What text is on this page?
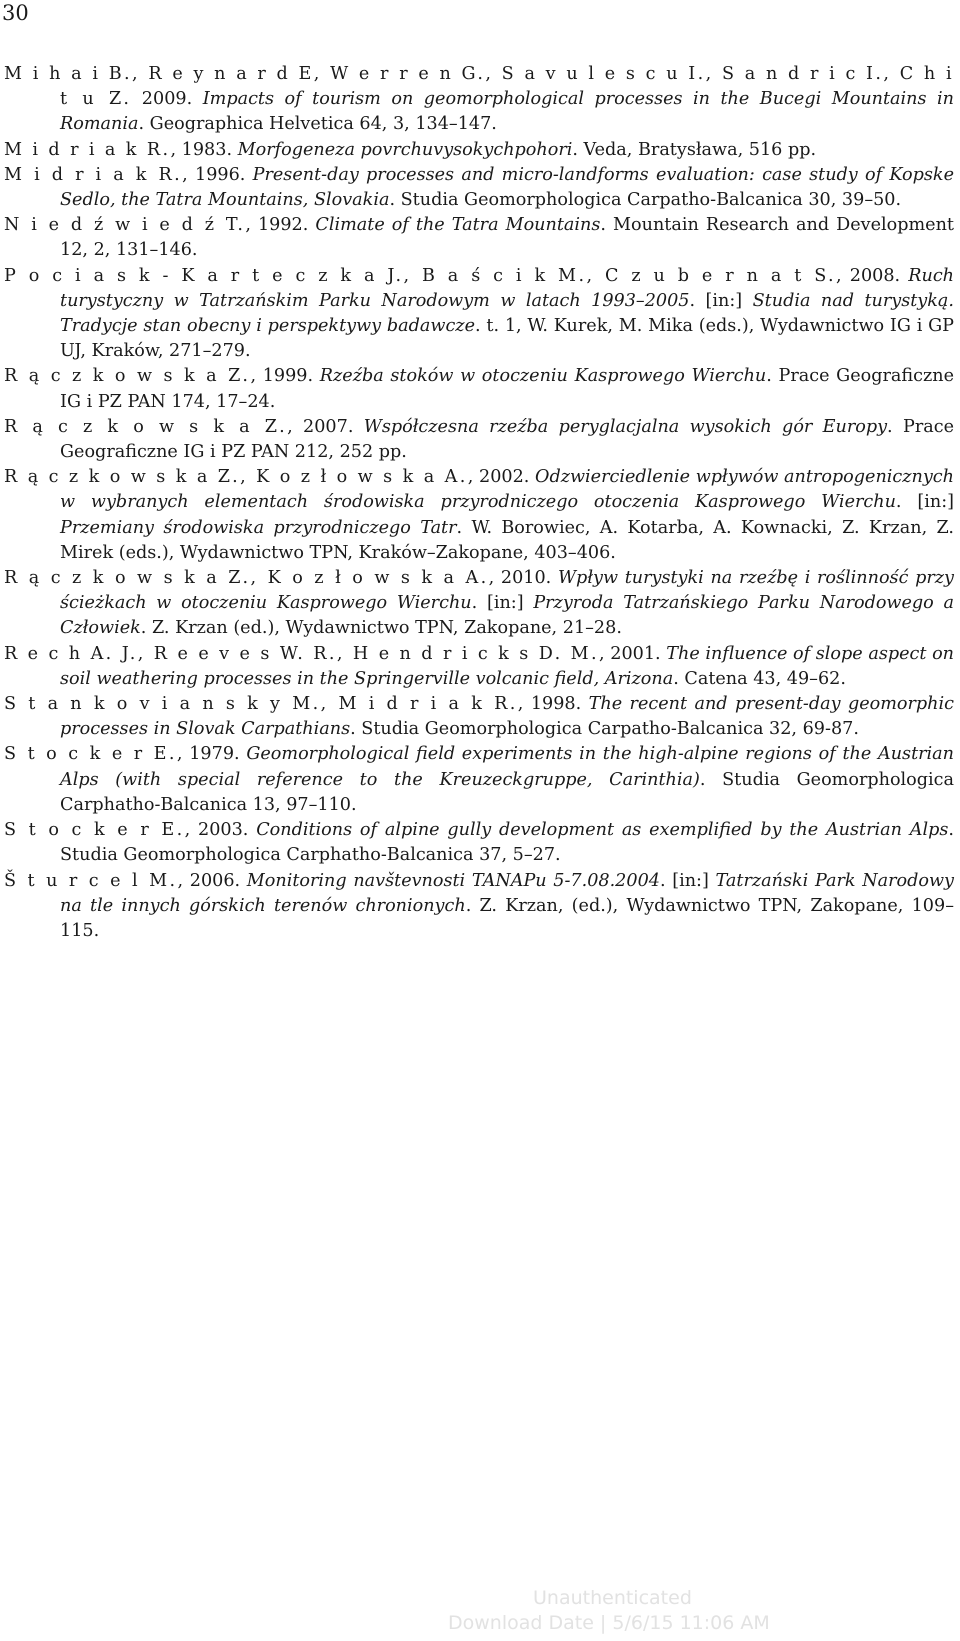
30

M i h a i B., R e y n a r d E, W e r r e n G., S a v u l e s c u I., S a n d r i c I., C h i t u Z. 2009. Impacts of tourism on geomorphological processes in the Bucegi Mountains in Romania. Geographica Helvetica 64, 3, 134–147.

M i d r i a k R., 1983. Morfogeneza povrchuvysokychpohori. Veda, Bratysława, 516 pp.

M i d r i a k R., 1996. Present-day processes and micro-landforms evaluation: case study of Kopske Sedlo, the Tatra Mountains, Slovakia. Studia Geomorphologica Carpatho-Balcanica 30, 39–50.

N i e d ź w i e d ź T., 1992. Climate of the Tatra Mountains. Mountain Research and Development 12, 2, 131–146.

P o c i a s k - K a r t e c z k a J., B a ś c i k M., C z u b e r n a t S., 2008. Ruch turystyczny w Tatrzańskim Parku Narodowym w latach 1993–2005. [in:] Studia nad turystyką. Tradycje stan obecny i perspektywy badawcze. t. 1, W. Kurek, M. Mika (eds.), Wydawnictwo IG i GP UJ, Kraków, 271–279.

R ą c z k o w s k a Z., 1999. Rzeźba stoków w otoczeniu Kasprowego Wierchu. Prace Geograficzne IG i PZ PAN 174, 17–24.

R ą c z k o w s k a Z., 2007. Współczesna rzeźba peryglacjalna wysokich gór Europy. Prace Geograficzne IG i PZ PAN 212, 252 pp.

R ą c z k o w s k a Z., K o z ł o w s k a A., 2002. Odzwierciedlenie wpływów antropogenicznych w wybranych elementach środowiska przyrodniczego otoczenia Kasprowego Wierchu. [in:] Przemiany środowiska przyrodniczego Tatr. W. Borowiec, A. Kotarba, A. Kownacki, Z. Krzan, Z. Mirek (eds.), Wydawnictwo TPN, Kraków–Zakopane, 403–406.

R ą c z k o w s k a Z., K o z ł o w s k a A., 2010. Wpływ turystyki na rzeźbę i roślinność przy ścieżkach w otoczeniu Kasprowego Wierchu. [in:] Przyroda Tatrzańskiego Parku Narodowego a Człowiek. Z. Krzan (ed.), Wydawnictwo TPN, Zakopane, 21–28.

R e c h A. J., R e e v e s W. R., H e n d r i c k s D. M., 2001. The influence of slope aspect on soil weathering processes in the Springerville volcanic field, Arizona. Catena 43, 49–62.

S t a n k o v i a n s k y M., M i d r i a k R., 1998. The recent and present-day geomorphic processes in Slovak Carpathians. Studia Geomorphologica Carpatho-Balcanica 32, 69-87.

S t o c k e r E., 1979. Geomorphological field experiments in the high-alpine regions of the Austrian Alps (with special reference to the Kreuzeckgruppe, Carinthia). Studia Geomorphologica Carphatho-Balcanica 13, 97–110.

S t o c k e r E., 2003. Conditions of alpine gully development as exemplified by the Austrian Alps. Studia Geomorphologica Carphatho-Balcanica 37, 5–27.

Š t u r c e l M., 2006. Monitoring navštevnosti TANAPu 5-7.08.2004. [in:] Tatrzański Park Narodowy na tle innych górskich terenów chronionych. Z. Krzan, (ed.), Wydawnictwo TPN, Zakopane, 109–115.

Unauthenticated
Download Date | 5/6/15 11:06 AM
